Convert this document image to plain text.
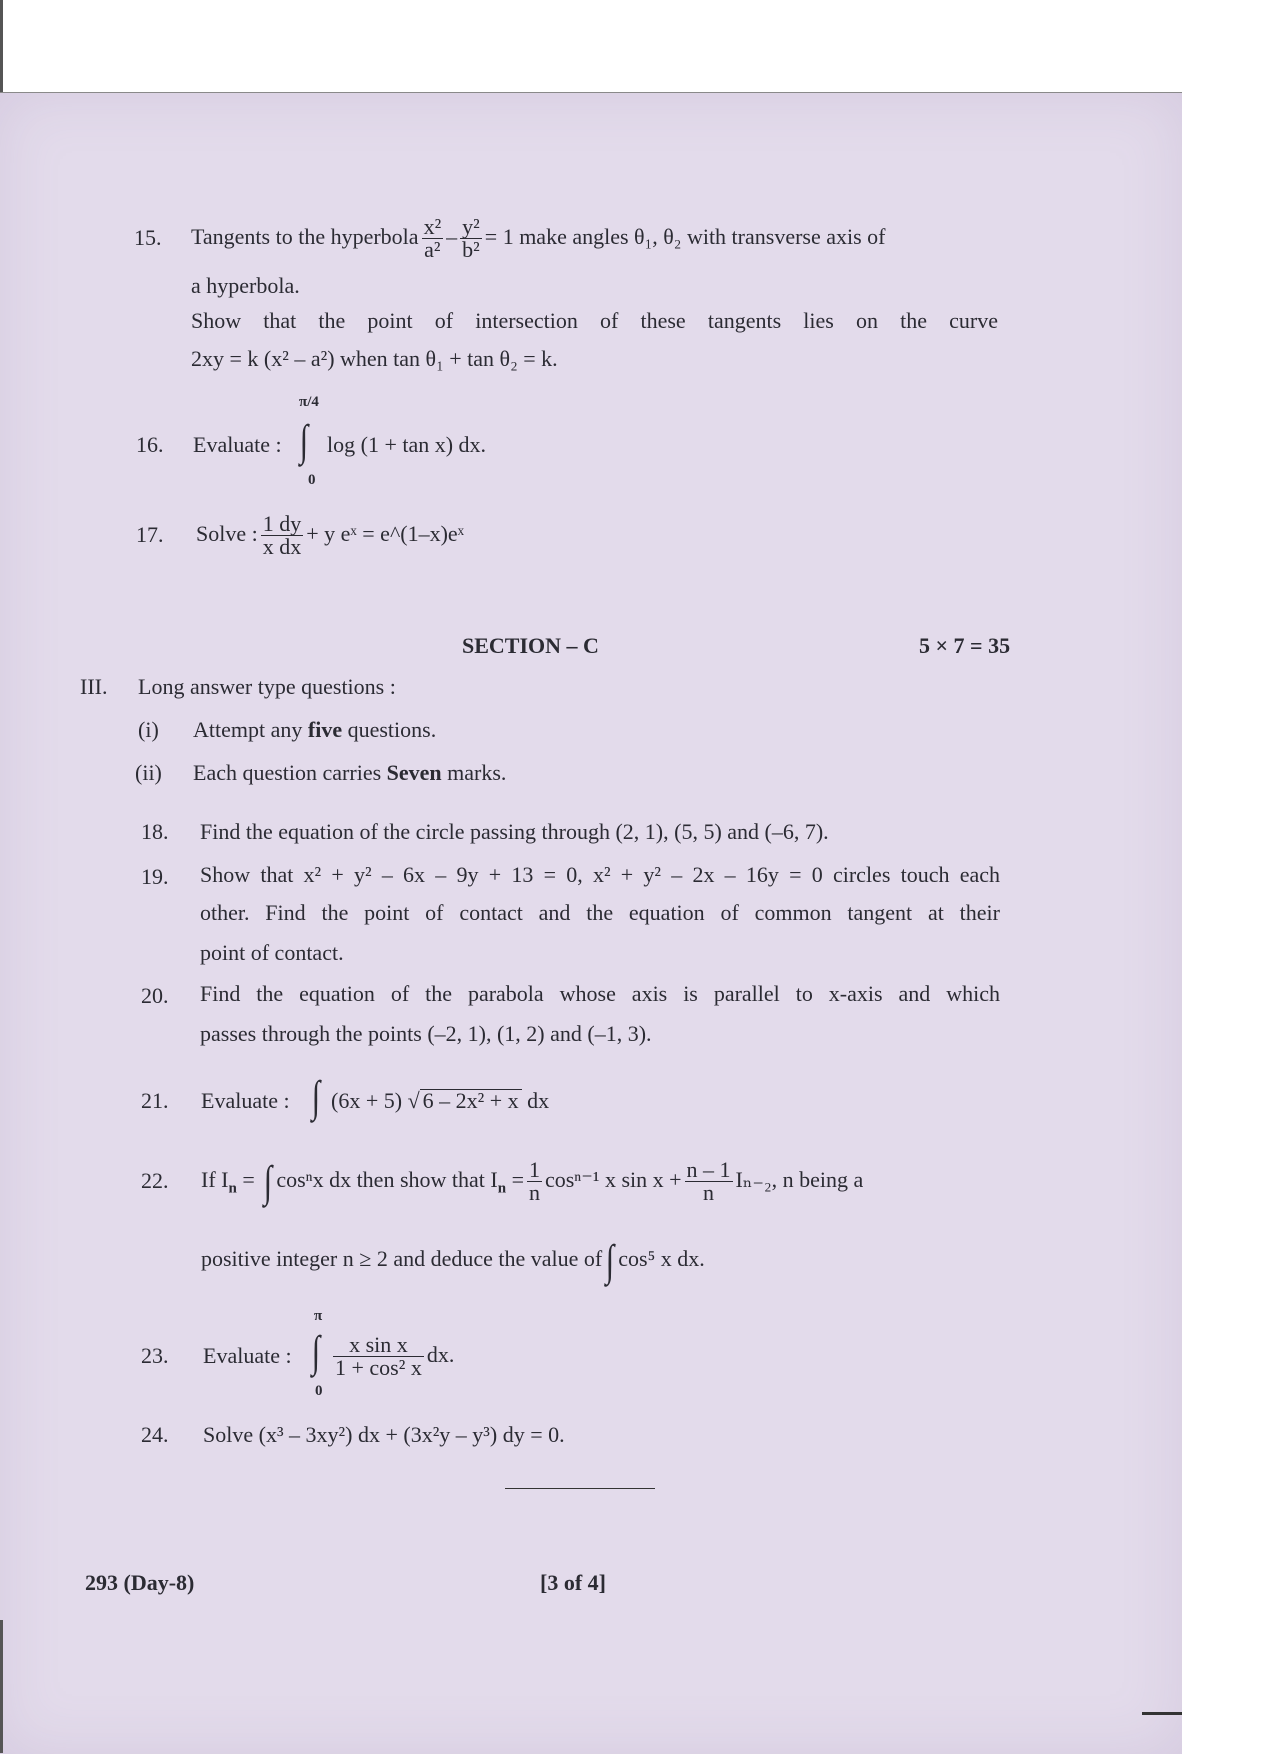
15. Tangents to the hyperbola $\frac{\text{x²}}{\text{a²}} - \frac{\text{y²}}{\text{b²}} = 1$ make angles θ₁, θ₂ with transverse axis of
a hyperbola.
Show that the point of intersection of these tangents lies on the curve
2xy = k (x² – a²) when tan θ₁ + tan θ₂ = k.
16. Evaluate :
π/4
∫
0
log (1 + tan x) dx.
17. Solve : $\frac{1 dy}{\text{x dx}} + y$ eˣ = e^(1–x)eˣ
SECTION – C	5 × 7 = 35
III. Long answer type questions :
(i) Attempt any five questions.
(ii) Each question carries Seven marks.
18. Find the equation of the circle passing through (2, 1), (5, 5) and (–6, 7).
19. Show that x² + y² – 6x – 9y + 13 = 0, x² + y² – 2x – 16y = 0 circles touch each
other. Find the point of contact and the equation of common tangent at their
point of contact.
20. Find the equation of the parabola whose axis is parallel to x-axis and which
passes through the points (–2, 1), (1, 2) and (–1, 3).
21. Evaluate : ∫ (6x + 5) √ 6 – 2x² + x dx
22. If $I_n$ = ∫ cosⁿx dx then show that $I_n = \frac{1}{n} \cos^{n-1}$ x $\sin x + \frac{n - 1}{n} I_{n-2}$, n being a
positive integer n ≥ 2 and deduce the value of∫ cos⁵ x dx.
23. Evaluate :
π
∫
0
$\frac{\text{x sin x}}{\text{1 + cos² x}}$ dx.
24. Solve (x³ – 3xy²) dx + (3x²y – y³) dy = 0.
293 (Day-8)	[3 of 4]
